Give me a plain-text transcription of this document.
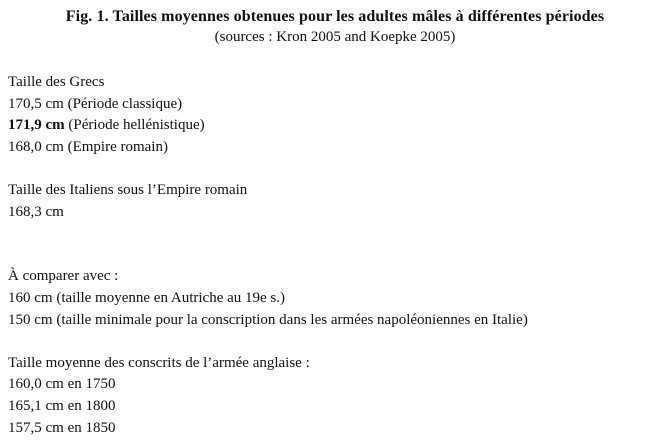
Fig. 1. Tailles moyennes obtenues pour les adultes mâles à différentes périodes
(sources : Kron 2005 and Koepke 2005)
Taille des Grecs
170,5 cm (Période classique)
171,9 cm (Période hellénistique)
168,0 cm (Empire romain)
Taille des Italiens sous l’Empire romain
168,3 cm
À comparer avec :
160 cm (taille moyenne en Autriche au 19e s.)
150 cm (taille minimale pour la conscription dans les armées napoléoniennes en Italie)
Taille moyenne des conscrits de l’armée anglaise :
160,0 cm en 1750
165,1 cm en 1800
157,5 cm en 1850
